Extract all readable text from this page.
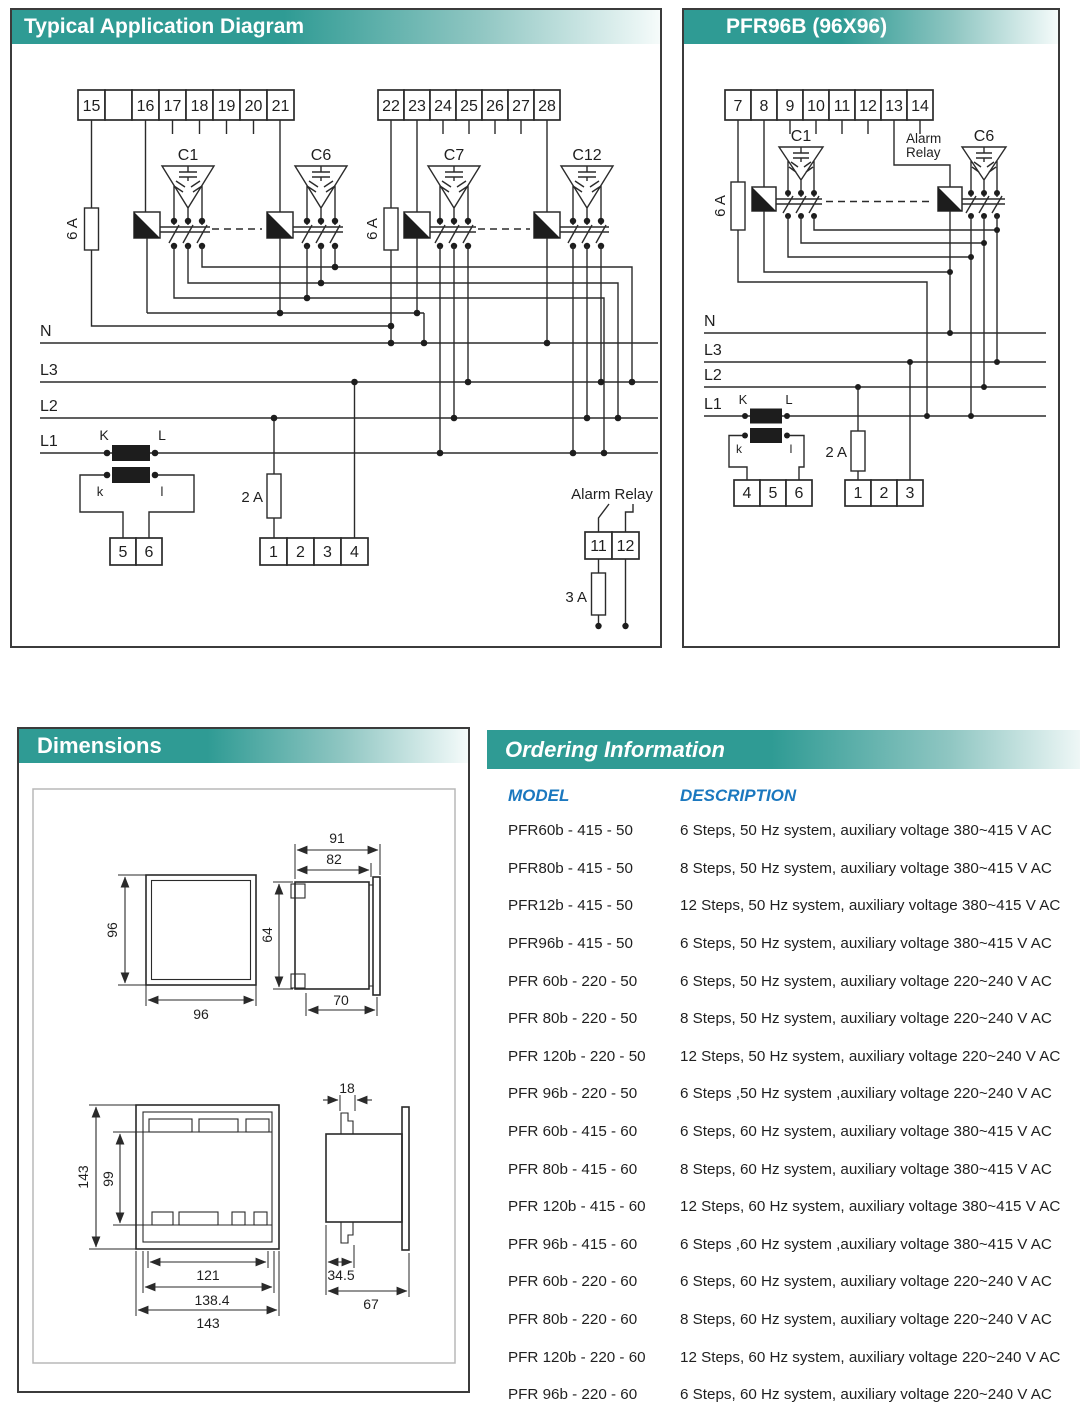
Typical Application Diagram
15 16 17 18 19 20 21	22 23 24 25 26 27 28
6 A	6 A
C1	C6	C7	C12
N
L3
L2
L1	K	L
k	l
5 6
2 A
1 2 3 4
Alarm Relay
11 12
3 A
PFR96B (96X96)
7 8 9 10 11 12 13 14
Alarm
Relay
6 A
C1	C6
N
L3
L2
L1 K	L
k	l
4 5 6
2 A
1 2 3
Dimensions
96
96
91
82
64
70
143 99
121
138.4
143
18
34.5
67
Ordering Information
MODEL	DESCRIPTION
PFR60b - 415 - 50	6 Steps, 50 Hz system, auxiliary voltage 380~415 V AC
PFR80b - 415 - 50	8 Steps, 50 Hz system, auxiliary voltage 380~415 V AC
PFR12b - 415 - 50	12 Steps, 50 Hz system, auxiliary voltage 380~415 V AC
PFR96b - 415 - 50	6 Steps, 50 Hz system, auxiliary voltage 380~415 V AC
PFR 60b - 220 - 50	6 Steps, 50 Hz system, auxiliary voltage 220~240 V AC
PFR 80b - 220 - 50	8 Steps, 50 Hz system, auxiliary voltage 220~240 V AC
PFR 120b - 220 - 50	12 Steps, 50 Hz system, auxiliary voltage 220~240 V AC
PFR 96b - 220 - 50	6 Steps ,50 Hz system ,auxiliary voltage 220~240 V AC
PFR 60b - 415 - 60	6 Steps, 60 Hz system, auxiliary voltage 380~415 V AC
PFR 80b - 415 - 60	8 Steps, 60 Hz system, auxiliary voltage 380~415 V AC
PFR 120b - 415 - 60	12 Steps, 60 Hz system, auxiliary voltage 380~415 V AC
PFR 96b - 415 - 60	6 Steps ,60 Hz system ,auxiliary voltage 380~415 V AC
PFR 60b - 220 - 60	6 Steps, 60 Hz system, auxiliary voltage 220~240 V AC
PFR 80b - 220 - 60	8 Steps, 60 Hz system, auxiliary voltage 220~240 V AC
PFR 120b - 220 - 60	12 Steps, 60 Hz system, auxiliary voltage 220~240 V AC
PFR 96b - 220 - 60	6 Steps, 60 Hz system, auxiliary voltage 220~240 V AC
